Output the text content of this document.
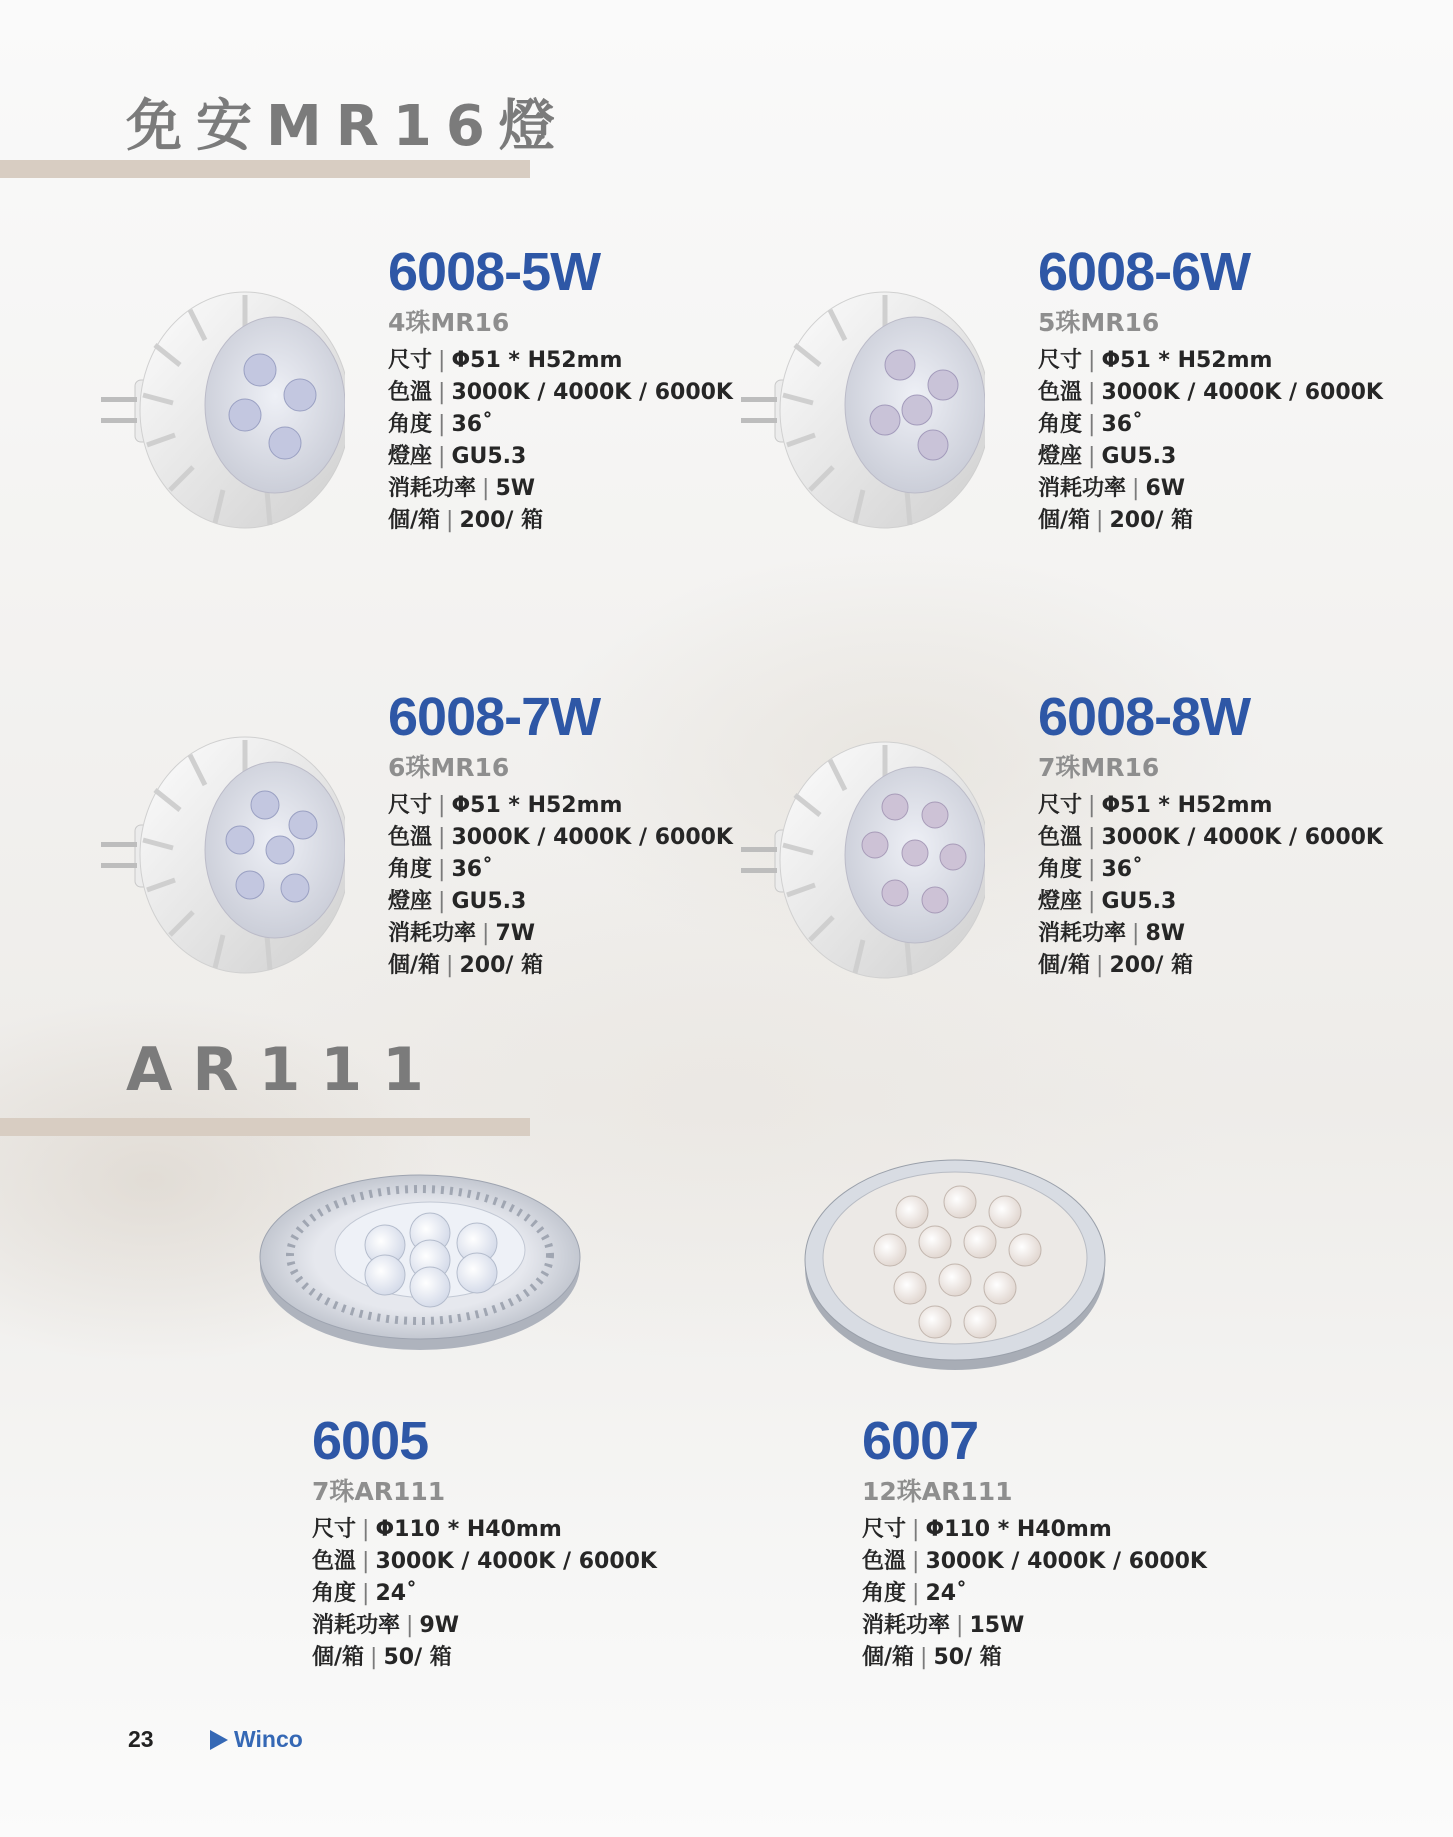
免安MR16燈
6008-5W
4珠MR16
尺寸 | Φ51 * H52mm
色溫 | 3000K / 4000K / 6000K
角度 | 36˚
燈座 | GU5.3
消耗功率 | 5W
個/箱 | 200/ 箱
6008-6W
5珠MR16
尺寸 | Φ51 * H52mm
色溫 | 3000K / 4000K / 6000K
角度 | 36˚
燈座 | GU5.3
消耗功率 | 6W
個/箱 | 200/ 箱
6008-7W
6珠MR16
尺寸 | Φ51 * H52mm
色溫 | 3000K / 4000K / 6000K
角度 | 36˚
燈座 | GU5.3
消耗功率 | 7W
個/箱 | 200/ 箱
6008-8W
7珠MR16
尺寸 | Φ51 * H52mm
色溫 | 3000K / 4000K / 6000K
角度 | 36˚
燈座 | GU5.3
消耗功率 | 8W
個/箱 | 200/ 箱
AR111
6005
7珠AR111
尺寸 | Φ110 * H40mm
色溫 | 3000K / 4000K / 6000K
角度 | 24˚
消耗功率 | 9W
個/箱 | 50/ 箱
6007
12珠AR111
尺寸 | Φ110 * H40mm
色溫 | 3000K / 4000K / 6000K
角度 | 24˚
消耗功率 | 15W
個/箱 | 50/ 箱
23	Winco
